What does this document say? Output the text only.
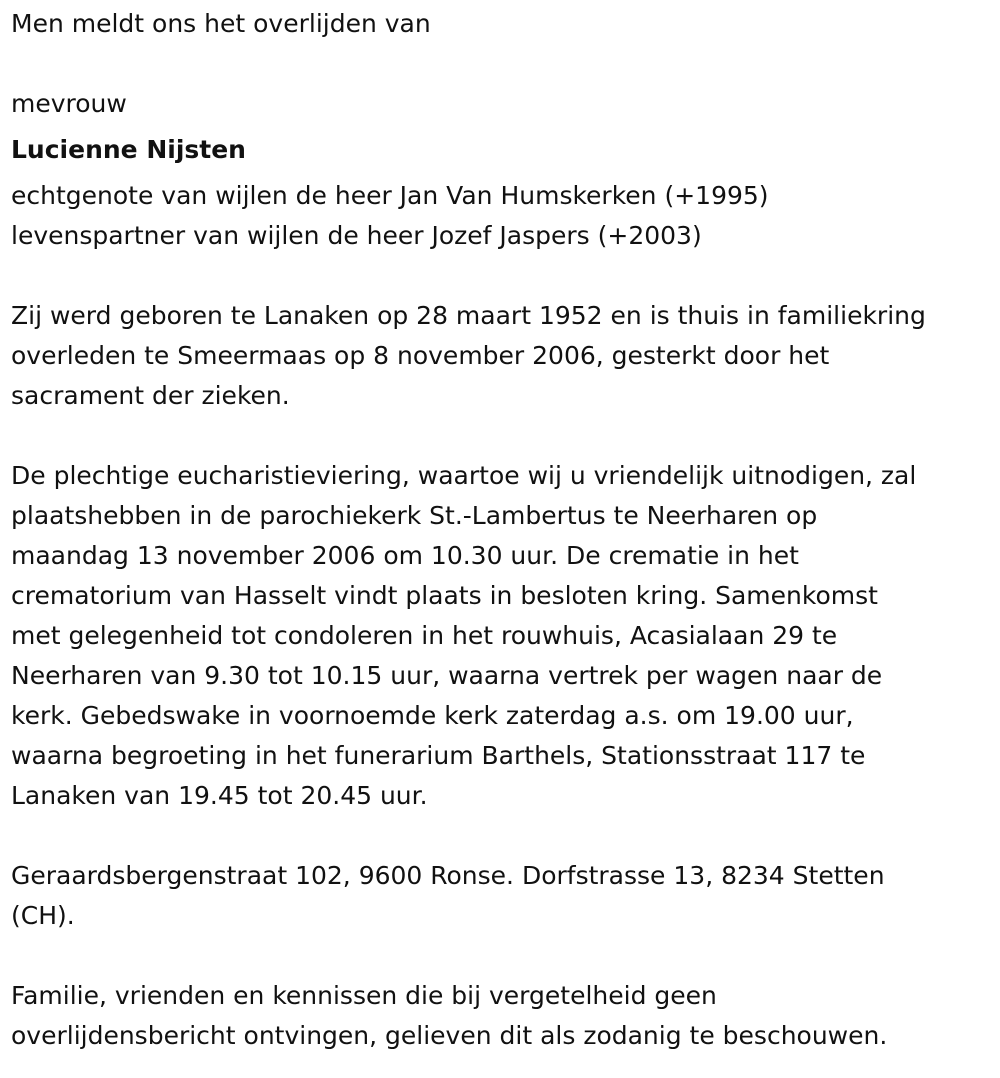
Men meldt ons het overlijden van

mevrouw

Lucienne Nijsten

echtgenote van wijlen de heer Jan Van Humskerken (+1995)

levenspartner van wijlen de heer Jozef Jaspers (+2003)

Zij werd geboren te Lanaken op 28 maart 1952 en is thuis in familiekring

overleden te Smeermaas op 8 november 2006, gesterkt door het

sacrament der zieken.

De plechtige eucharistieviering, waartoe wij u vriendelijk uitnodigen, zal

plaatshebben in de parochiekerk St.-Lambertus te Neerharen op

maandag 13 november 2006 om 10.30 uur. De crematie in het

crematorium van Hasselt vindt plaats in besloten kring. Samenkomst

met gelegenheid tot condoleren in het rouwhuis, Acasialaan 29 te

Neerharen van 9.30 tot 10.15 uur, waarna vertrek per wagen naar de

kerk. Gebedswake in voornoemde kerk zaterdag a.s. om 19.00 uur,

waarna begroeting in het funerarium Barthels, Stationsstraat 117 te

Lanaken van 19.45 tot 20.45 uur.

Geraardsbergenstraat 102, 9600 Ronse. Dorfstrasse 13, 8234 Stetten

(CH).

Familie, vrienden en kennissen die bij vergetelheid geen

overlijdensbericht ontvingen, gelieven dit als zodanig te beschouwen.
